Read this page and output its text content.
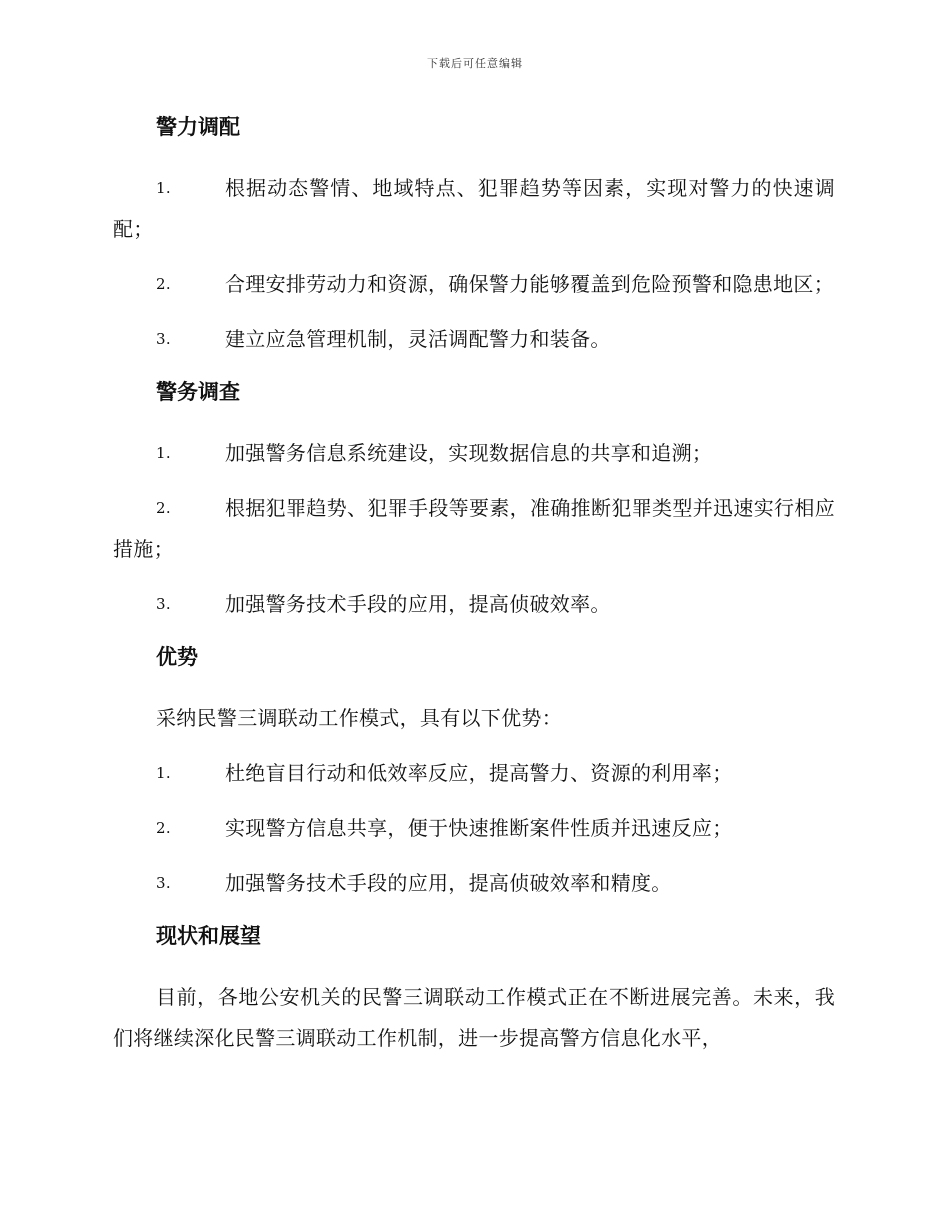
下载后可任意编辑
警力调配
1.	根据动态警情、地域特点、犯罪趋势等因素，实现对警力的快速调配；
2.	合理安排劳动力和资源，确保警力能够覆盖到危险预警和隐患地区；
3.	建立应急管理机制，灵活调配警力和装备。
警务调查
1.	加强警务信息系统建设，实现数据信息的共享和追溯；
2.	根据犯罪趋势、犯罪手段等要素，准确推断犯罪类型并迅速实行相应措施；
3.	加强警务技术手段的应用，提高侦破效率。
优势
采纳民警三调联动工作模式，具有以下优势：
1.	杜绝盲目行动和低效率反应，提高警力、资源的利用率；
2.	实现警方信息共享，便于快速推断案件性质并迅速反应；
3.	加强警务技术手段的应用，提高侦破效率和精度。
现状和展望
目前，各地公安机关的民警三调联动工作模式正在不断进展完善。未来，我们将继续深化民警三调联动工作机制，进一步提高警方信息化水平，
